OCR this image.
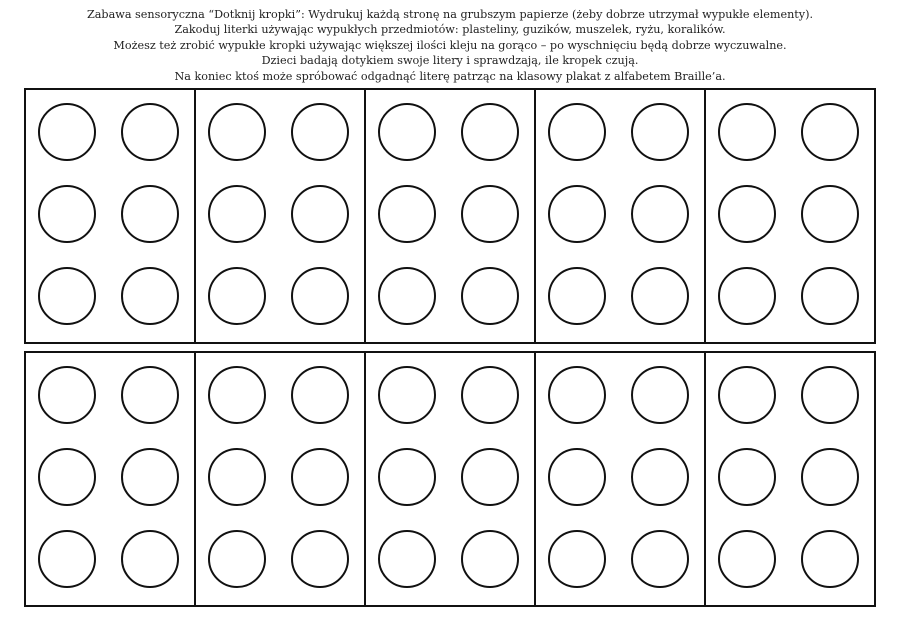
Zabawa sensoryczna “Dotknij kropki”: Wydrukuj każdą stronę na grubszym papierze (żeby dobrze utrzymał wypukłe elementy).
Zakoduj literki używając wypukłych przedmiotów: plasteliny, guzików, muszelek, ryżu, koralików.
Możesz też zrobić wypukłe kropki używając większej ilości kleju na gorąco – po wyschnięciu będą dobrze wyczuwalne.
Dzieci badają dotykiem swoje litery i sprawdzają, ile kropek czują.
Na koniec ktoś może spróbować odgadnąć literę patrząc na klasowy plakat z alfabetem Braille’a.
